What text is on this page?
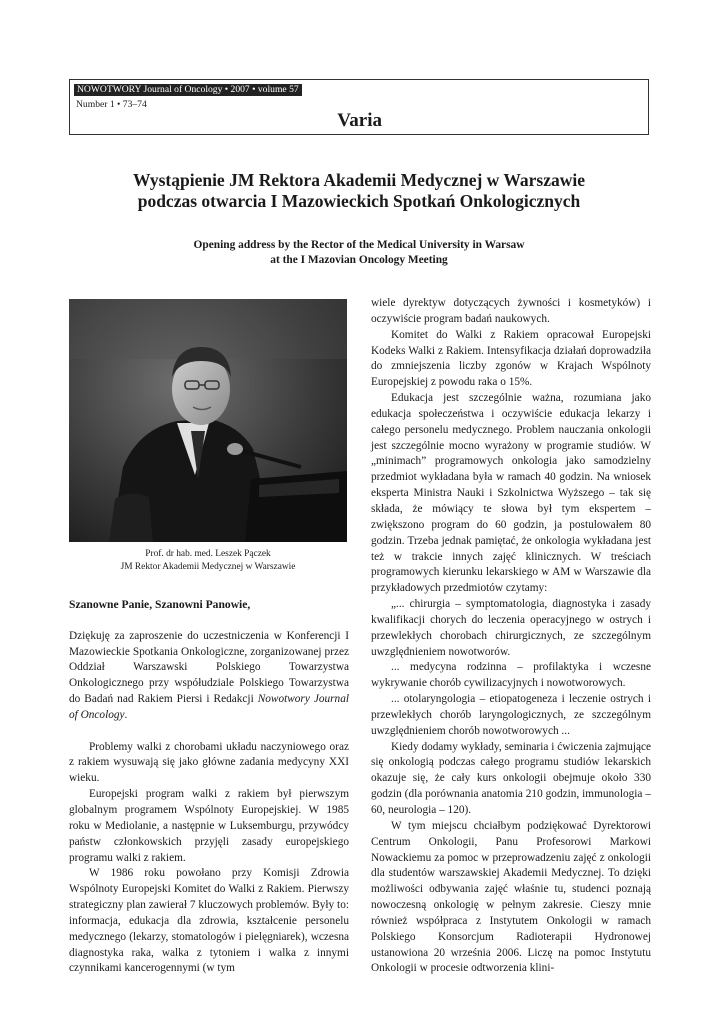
NOWOTWORY Journal of Oncology • 2007 • volume 57
Number 1 • 73–74
Varia
Wystąpienie JM Rektora Akademii Medycznej w Warszawie
podczas otwarcia I Mazowieckich Spotkań Onkologicznych
Opening address by the Rector of the Medical University in Warsaw
at the I Mazovian Oncology Meeting
Prof. dr hab. med. Leszek Pączek
JM Rektor Akademii Medycznej w Warszawie

Szanowne Panie, Szanowni Panowie,

Dziękuję za zaproszenie do uczestniczenia w Konferencji I Mazowieckie Spotkania Onkologiczne, zorganizowanej przez Oddział Warszawski Polskiego Towarzystwa Onkologicznego przy współudziale Polskiego Towarzystwa do Badań nad Rakiem Piersi i Redakcji Nowotwory Journal of Oncology.

Problemy walki z chorobami układu naczyniowego oraz z rakiem wysuwają się jako główne zadania medycyny XXI wieku.

Europejski program walki z rakiem był pierwszym globalnym programem Wspólnoty Europejskiej. W 1985 roku w Mediolanie, a następnie w Luksemburgu, przywódcy państw członkowskich przyjęli zasady europejskiego programu walki z rakiem.

W 1986 roku powołano przy Komisji Zdrowia Wspólnoty Europejski Komitet do Walki z Rakiem. Pierwszy strategiczny plan zawierał 7 kluczowych problemów. Były to: informacja, edukacja dla zdrowia, kształcenie personelu medycznego (lekarzy, stomatologów i pielęgniarek), wczesna diagnostyka raka, walka z tytoniem i walka z innymi czynnikami kancerogennymi (w tym

wiele dyrektyw dotyczących żywności i kosmetyków) i oczywiście program badań naukowych.

Komitet do Walki z Rakiem opracował Europejski Kodeks Walki z Rakiem. Intensyfikacja działań doprowadziła do zmniejszenia liczby zgonów w Krajach Wspólnoty Europejskiej z powodu raka o 15%.

Edukacja jest szczególnie ważna, rozumiana jako edukacja społeczeństwa i oczywiście edukacja lekarzy i całego personelu medycznego. Problem nauczania onkologii jest szczególnie mocno wyrażony w programie studiów. W „minimach” programowych onkologia jako samodzielny przedmiot wykładana była w ramach 40 godzin. Na wniosek eksperta Ministra Nauki i Szkolnictwa Wyższego – tak się składa, że mówiący te słowa był tym ekspertem – zwiększono program do 60 godzin, ja postulowałem 80 godzin. Trzeba jednak pamiętać, że onkologia wykładana jest też w trakcie innych zajęć klinicznych. W treściach programowych kierunku lekarskiego w AM w Warszawie dla przykładowych przedmiotów czytamy:

„... chirurgia – symptomatologia, diagnostyka i zasady kwalifikacji chorych do leczenia operacyjnego w ostrych i przewlekłych chorobach chirurgicznych, ze szczególnym uwzględnieniem nowotworów.

... medycyna rodzinna – profilaktyka i wczesne wykrywanie chorób cywilizacyjnych i nowotworowych.

... otolaryngologia – etiopatogeneza i leczenie ostrych i przewlekłych chorób laryngologicznych, ze szczególnym uwzględnieniem chorób nowotworowych ...

Kiedy dodamy wykłady, seminaria i ćwiczenia zajmujące się onkologią podczas całego programu studiów lekarskich okazuje się, że cały kurs onkologii obejmuje około 330 godzin (dla porównania anatomia 210 godzin, immunologia – 60, neurologia – 120).

W tym miejscu chciałbym podziękować Dyrektorowi Centrum Onkologii, Panu Profesorowi Markowi Nowackiemu za pomoc w przeprowadzeniu zajęć z onkologii dla studentów warszawskiej Akademii Medycznej. To dzięki możliwości odbywania zajęć właśnie tu, studenci poznają nowoczesną onkologię w pełnym zakresie. Cieszy mnie również współpraca z Instytutem Onkologii w ramach Polskiego Konsorcjum Radioterapii Hydronowej ustanowiona 20 września 2006. Liczę na pomoc Instytutu Onkologii w procesie odtworzenia klini-
